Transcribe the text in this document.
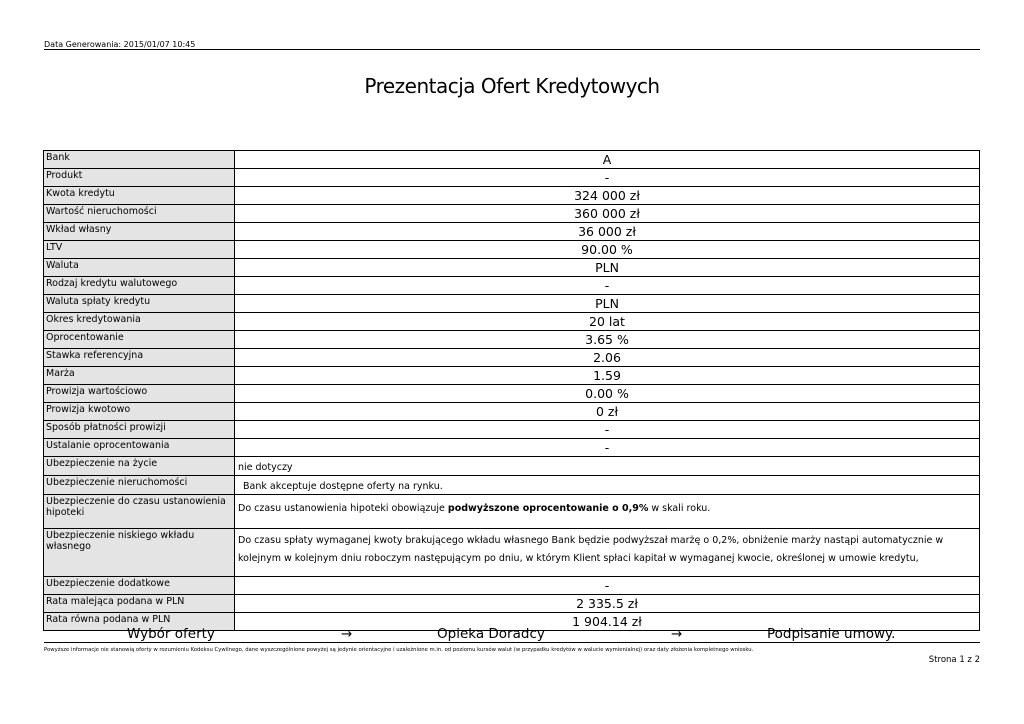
Data Generowania: 2015/01/07 10:45
Prezentacja Ofert Kredytowych
Bank	A
Produkt	-
Kwota kredytu	324 000 zł
Wartość nieruchomości	360 000 zł
Wkład własny	36 000 zł
LTV	90.00 %
Waluta	PLN
Rodzaj kredytu walutowego	-
Waluta spłaty kredytu	PLN
Okres kredytowania	20 lat
Oprocentowanie	3.65 %
Stawka referencyjna	2.06
Marża	1.59
Prowizja wartościowo	0.00 %
Prowizja kwotowo	0 zł
Sposób płatności prowizji	-
Ustalanie oprocentowania	-
Ubezpieczenie na życie	nie dotyczy
Ubezpieczenie nieruchomości	Bank akceptuje dostępne oferty na rynku.
Ubezpieczenie do czasu ustanowienia hipoteki	Do czasu ustanowienia hipoteki obowiązuje podwyższone oprocentowanie o 0,9% w skali roku.
Ubezpieczenie niskiego wkładu własnego	Do czasu spłaty wymaganej kwoty brakującego wkładu własnego Bank będzie podwyższał marżę o 0,2%, obniżenie marży nastąpi automatycznie w kolejnym w kolejnym dniu roboczym następującym po dniu, w którym Klient spłaci kapitał w wymaganej kwocie, określonej w umowie kredytu,
Ubezpieczenie dodatkowe	-
Rata malejąca podana w PLN	2 335.5 zł
Rata równa podana w PLN	1 904.14 zł
Wybór oferty	→	Opieka Doradcy	→	Podpisanie umowy.
Powyższe informacje nie stanowią oferty w rozumieniu Kodeksu Cywilnego, dane wyszczególnione powyżej są jedynie orientacyjne i uzależnione m.in. od poziomu kursów walut (w przypadku kredytów w walucie wymienialnej) oraz daty złożenia kompletnego wniosku.
Strona 1 z 2
